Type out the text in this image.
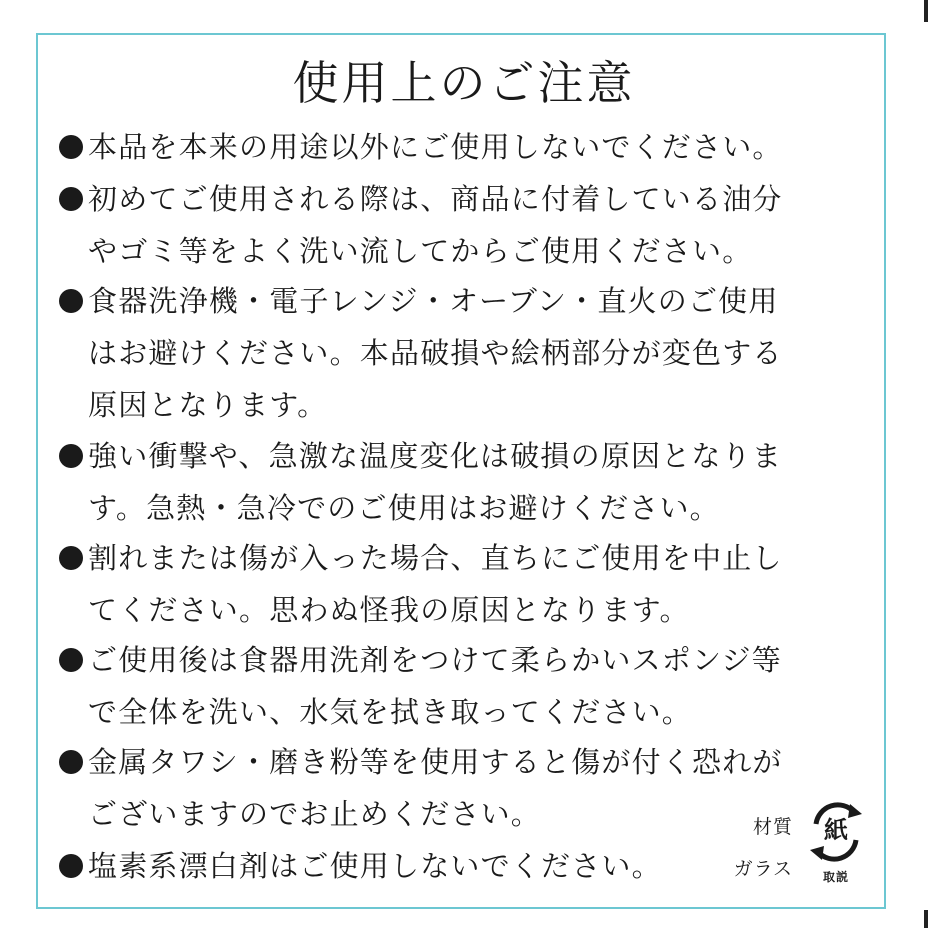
使用上のご注意
本品を本来の用途以外にご使用しないでください。
初めてご使用される際は、商品に付着している油分
やゴミ等をよく洗い流してからご使用ください。
食器洗浄機・電子レンジ・オーブン・直火のご使用
はお避けください。本品破損や絵柄部分が変色する
原因となります。
強い衝撃や、急激な温度変化は破損の原因となりま
す。急熱・急冷でのご使用はお避けください。
割れまたは傷が入った場合、直ちにご使用を中止し
てください。思わぬ怪我の原因となります。
ご使用後は食器用洗剤をつけて柔らかいスポンジ等
で全体を洗い、水気を拭き取ってください。
金属タワシ・磨き粉等を使用すると傷が付く恐れが
ございますのでお止めください。
塩素系漂白剤はご使用しないでください。
材質
ガラス
紙
取説
